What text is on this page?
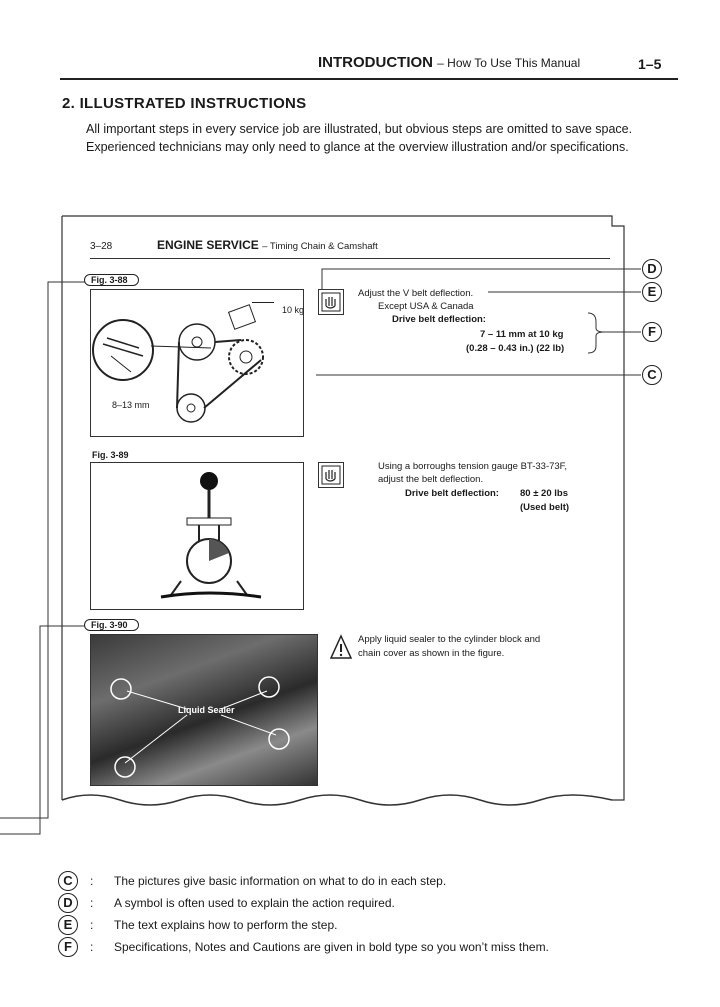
INTRODUCTION – How To Use This Manual	1–5
2. ILLUSTRATED INSTRUCTIONS
All important steps in every service job are illustrated, but obvious steps are omitted to save space.
Experienced technicians may only need to glance at the overview illustration and/or specifications.
3–28	ENGINE SERVICE – Timing Chain & Camshaft
Fig. 3-88
10 kg
8–13 mm
Adjust the V belt deflection.
Except USA & Canada
Drive belt deflection:
7 – 11 mm at 10 kg
(0.28 – 0.43 in.) (22 lb)
Fig. 3-89
Using a borroughs tension gauge BT-33-73F,
adjust the belt deflection.
Drive belt deflection: 80 ± 20 lbs
(Used belt)
Fig. 3-90
Liquid Sealer
Apply liquid sealer to the cylinder block and
chain cover as shown in the figure.
D
E
F
C
C	:	The pictures give basic information on what to do in each step.
D	:	A symbol is often used to explain the action required.
E	:	The text explains how to perform the step.
F	:	Specifications, Notes and Cautions are given in bold type so you won’t miss them.
